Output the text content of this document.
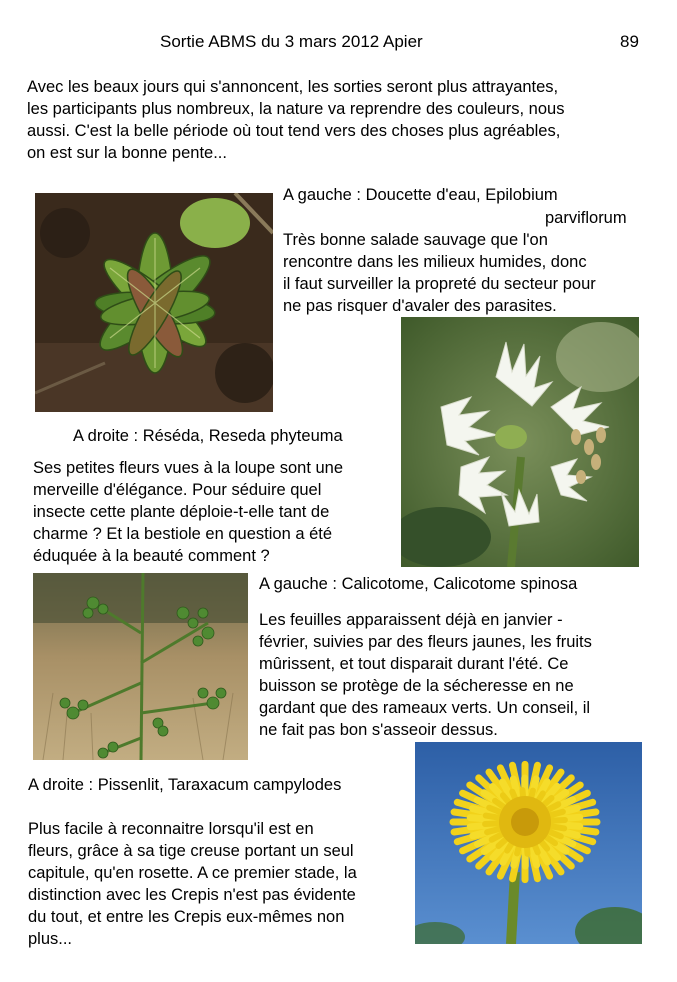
Sortie ABMS du 3 mars 2012 Apier	89
Avec les beaux jours qui s'annoncent, les sorties seront plus attrayantes,
les participants plus nombreux, la nature va reprendre des couleurs, nous
aussi. C'est la belle période où tout tend vers des choses plus agréables,
on est sur la bonne pente...
A gauche : Doucette d'eau, Epilobium
parviflorum
Très bonne salade sauvage que l'on
rencontre dans les milieux humides, donc
il faut surveiller la propreté du secteur pour
ne pas risquer d'avaler des parasites.
A droite : Réséda, Reseda phyteuma
Ses petites fleurs vues à la loupe sont une
merveille d'élégance. Pour séduire quel
insecte cette plante déploie-t-elle tant de
charme ? Et la bestiole en question a été
éduquée à la beauté comment ?
A gauche : Calicotome, Calicotome spinosa
Les feuilles apparaissent déjà en janvier -
février, suivies par des fleurs jaunes, les fruits
mûrissent, et tout disparait durant l'été. Ce
buisson se protège de la sécheresse en ne
gardant que des rameaux verts. Un conseil, il
ne fait pas bon s'asseoir dessus.
A droite : Pissenlit, Taraxacum campylodes
Plus facile à reconnaitre lorsqu'il est en
fleurs, grâce à sa tige creuse portant un seul
capitule, qu'en rosette. A ce premier stade, la
distinction avec les Crepis n'est pas évidente
du tout, et entre les Crepis eux-mêmes non
plus...
